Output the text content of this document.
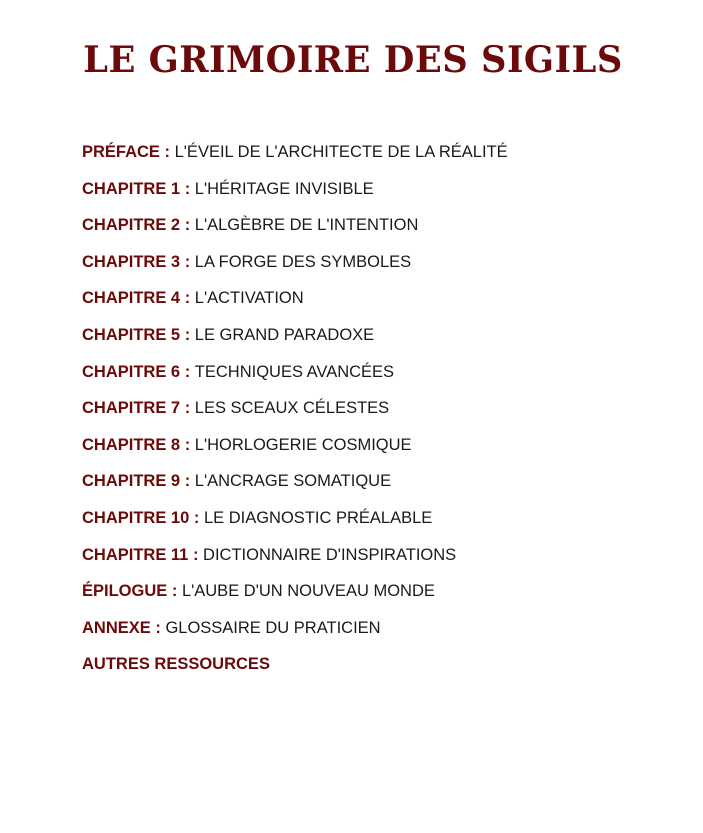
LE GRIMOIRE DES SIGILS
PRÉFACE : L'ÉVEIL DE L'ARCHITECTE DE LA RÉALITÉ
CHAPITRE 1 : L'HÉRITAGE INVISIBLE
CHAPITRE 2 : L'ALGÈBRE DE L'INTENTION
CHAPITRE 3 : LA FORGE DES SYMBOLES
CHAPITRE 4 : L'ACTIVATION
CHAPITRE 5 : LE GRAND PARADOXE
CHAPITRE 6 : TECHNIQUES AVANCÉES
CHAPITRE 7 : LES SCEAUX CÉLESTES
CHAPITRE 8 : L'HORLOGERIE COSMIQUE
CHAPITRE 9 : L'ANCRAGE SOMATIQUE
CHAPITRE 10 : LE DIAGNOSTIC PRÉALABLE
CHAPITRE 11 : DICTIONNAIRE D'INSPIRATIONS
ÉPILOGUE : L'AUBE D'UN NOUVEAU MONDE
ANNEXE : GLOSSAIRE DU PRATICIEN
AUTRES RESSOURCES
